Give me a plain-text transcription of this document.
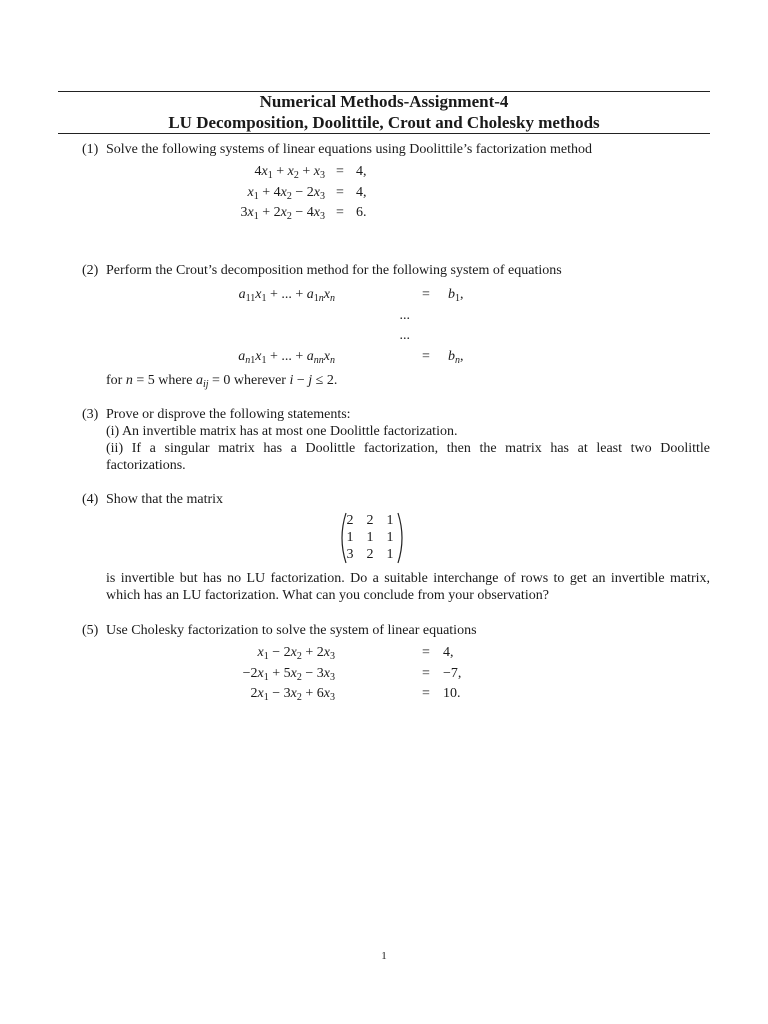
Numerical Methods-Assignment-4
LU Decomposition, Doolittile, Crout and Cholesky methods
(1) Solve the following systems of linear equations using Doolittile’s factorization method
$4x_1 + x_2 + x_3 = 4$,
$x_1 + 4x_2 - 2x_3 = 4$,
$3x_1 + 2x_2 - 4x_3 = 6$.
(2) Perform the Crout’s decomposition method for the following system of equations
$a_{11}x_1$ + ... + $a_{1n}x_n$	= $b_1$,
...
...
$a_{n1}x_1$ + ... + $a_{nn}x_n$	= $b_n$,
for n = 5 where $a_{ij} = 0$ wherever i − j ≤ 2.
(3) Prove or disprove the following statements:
(i) An invertible matrix has at most one Doolittle factorization.
(ii) If a singular matrix has a Doolittle factorization, then the matrix has at least two Doolittle factorizations.
(4) Show that the matrix
2 2 1
1 1 1
3 2 1
is invertible but has no LU factorization. Do a suitable interchange of rows to get an invertible matrix, which has an LU factorization. What can you conclude from your observation?
(5) Use Cholesky factorization to solve the system of linear equations
$x_1 - 2x_2 + 2x_3$	= 4,
$-2x_1 + 5x_2 - 3x_3$	= −7,
$2x_1 - 3x_2 + 6x_3$	= 10.
1
